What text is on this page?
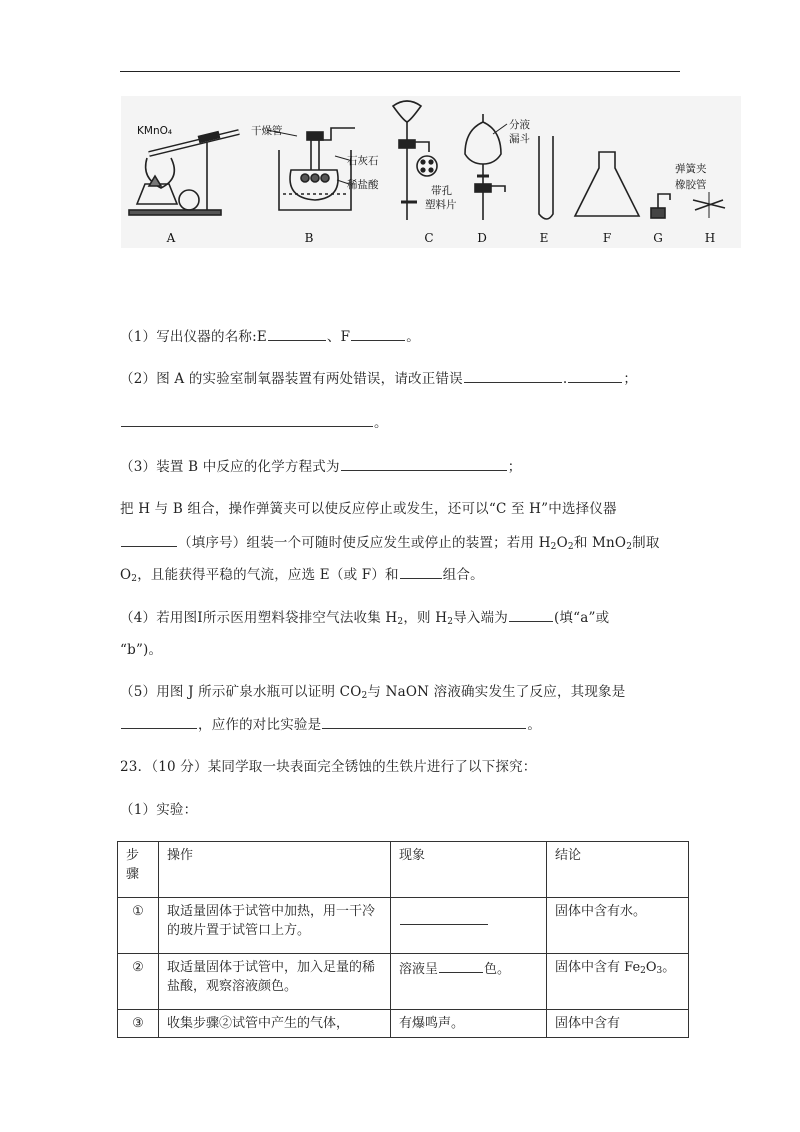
A	B	C	D	E	F	G	H
KMnO₄	干燥管
石灰石
稀盐酸	带孔
塑料片
分液
漏斗
弹簧夹
橡胶管
（1）写出仪器的名称:E	、F	。
（2）图 A 的实验室制氧器装置有两处错误，请改正错误	.	；
。
（3）装置 B 中反应的化学方程式为	；
把 H 与 B 组合，操作弹簧夹可以使反应停止或发生，还可以“C 至 H”中选择仪器
（填序号）组装一个可随时使反应发生或停止的装置；若用 $H_2O_2$和 MnO$_2$制取
$O_2$，且能获得平稳的气流，应选 E（或 F）和	组合。
（4）若用图Ⅰ所示医用塑料袋排空气法收集 $H_2$，则 $H_2$导入端为	(填“a”或
“b”)。
（5）用图 J 所示矿泉水瓶可以证明 $CO_2$与 NaON 溶液确实发生了反应，其现象是
，应作的对比实验是	。
23．（10 分）某同学取一块表面完全锈蚀的生铁片进行了以下探究：
（1）实验：
步骤	操作	现象	结论
①	取适量固体于试管中加热，用一干冷的玻片置于试管口上方。		固体中含有水。
②	取适量固体于试管中，加入足量的稀盐酸，观察溶液颜色。	溶液呈 色。	固体中含有 $Fe_2O_3$。
③	收集步骤②试管中产生的气体，	有爆鸣声。	固体中含有
